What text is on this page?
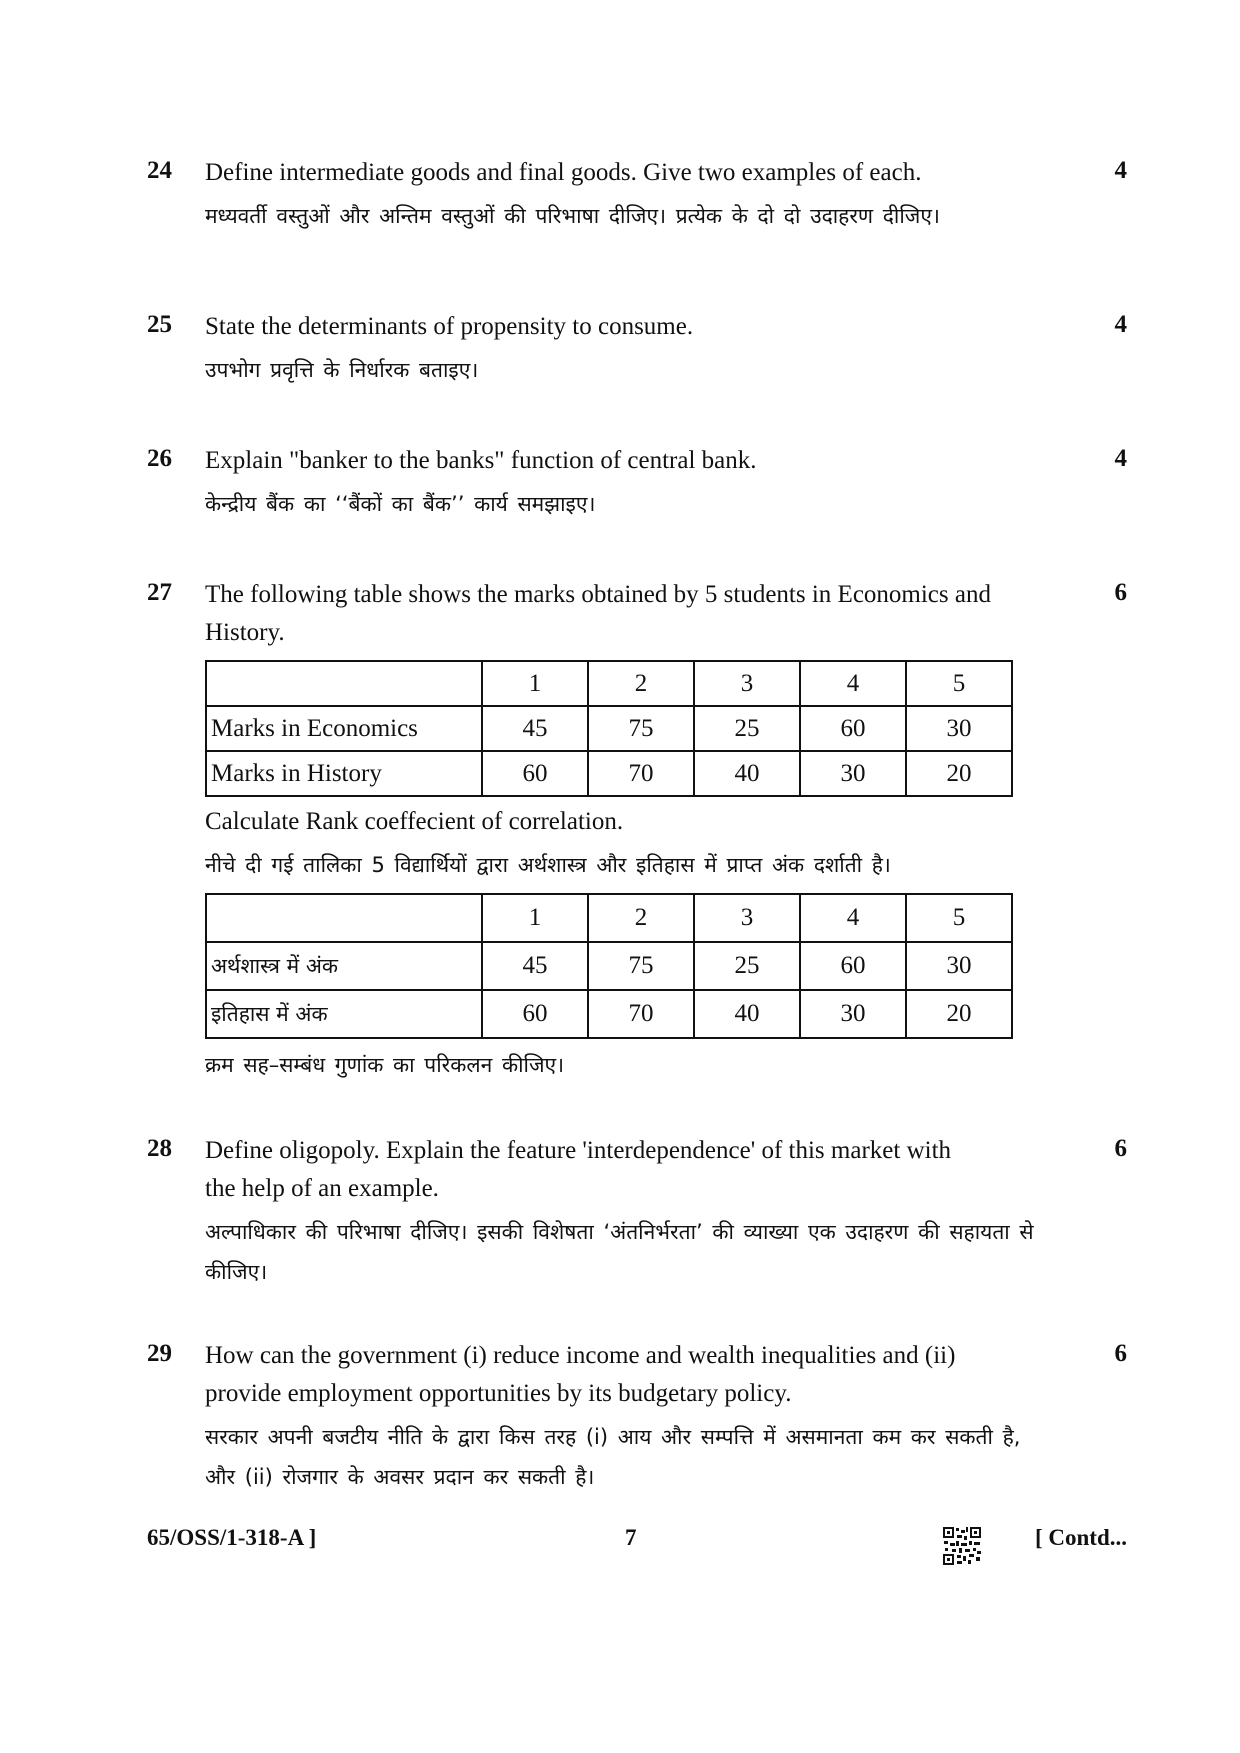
24	4

Define intermediate goods and final goods. Give two examples of each.

मध्यवर्ती वस्तुओं और अन्तिम वस्तुओं की परिभाषा दीजिए। प्रत्येक के दो दो उदाहरण दीजिए।

25	4

State the determinants of propensity to consume.

उपभोग प्रवृत्ति के निर्धारक बताइए।

26	4

Explain "banker to the banks" function of central bank.

केन्द्रीय बैंक का ‘‘बैंकों का बैंक’’ कार्य समझाइए।

27	6

The following table shows the marks obtained by 5 students in Economics and History.

	1	2	3	4	5
Marks in Economics	45	75	25	60	30
Marks in History	60	70	40	30	20

Calculate Rank coeffecient of correlation.

नीचे दी गई तालिका 5 विद्यार्थियों द्वारा अर्थशास्त्र और इतिहास में प्राप्त अंक दर्शाती है।

	1	2	3	4	5
अर्थशास्त्र में अंक	45	75	25	60	30
इतिहास में अंक	60	70	40	30	20

क्रम सह–सम्बंध गुणांक का परिकलन कीजिए।

28	6

Define oligopoly. Explain the feature 'interdependence' of this market with the help of an example.

अल्पाधिकार की परिभाषा दीजिए। इसकी विशेषता ‘अंतनिर्भरता’ की व्याख्या एक उदाहरण की सहायता से कीजिए।

29	6

How can the government (i) reduce income and wealth inequalities and (ii) provide employment opportunities by its budgetary policy.

सरकार अपनी बजटीय नीति के द्वारा किस तरह (i) आय और सम्पत्ति में असमानता कम कर सकती है, और (ii) रोजगार के अवसर प्रदान कर सकती है।

65/OSS/1-318-A ]	7	[ Contd...
